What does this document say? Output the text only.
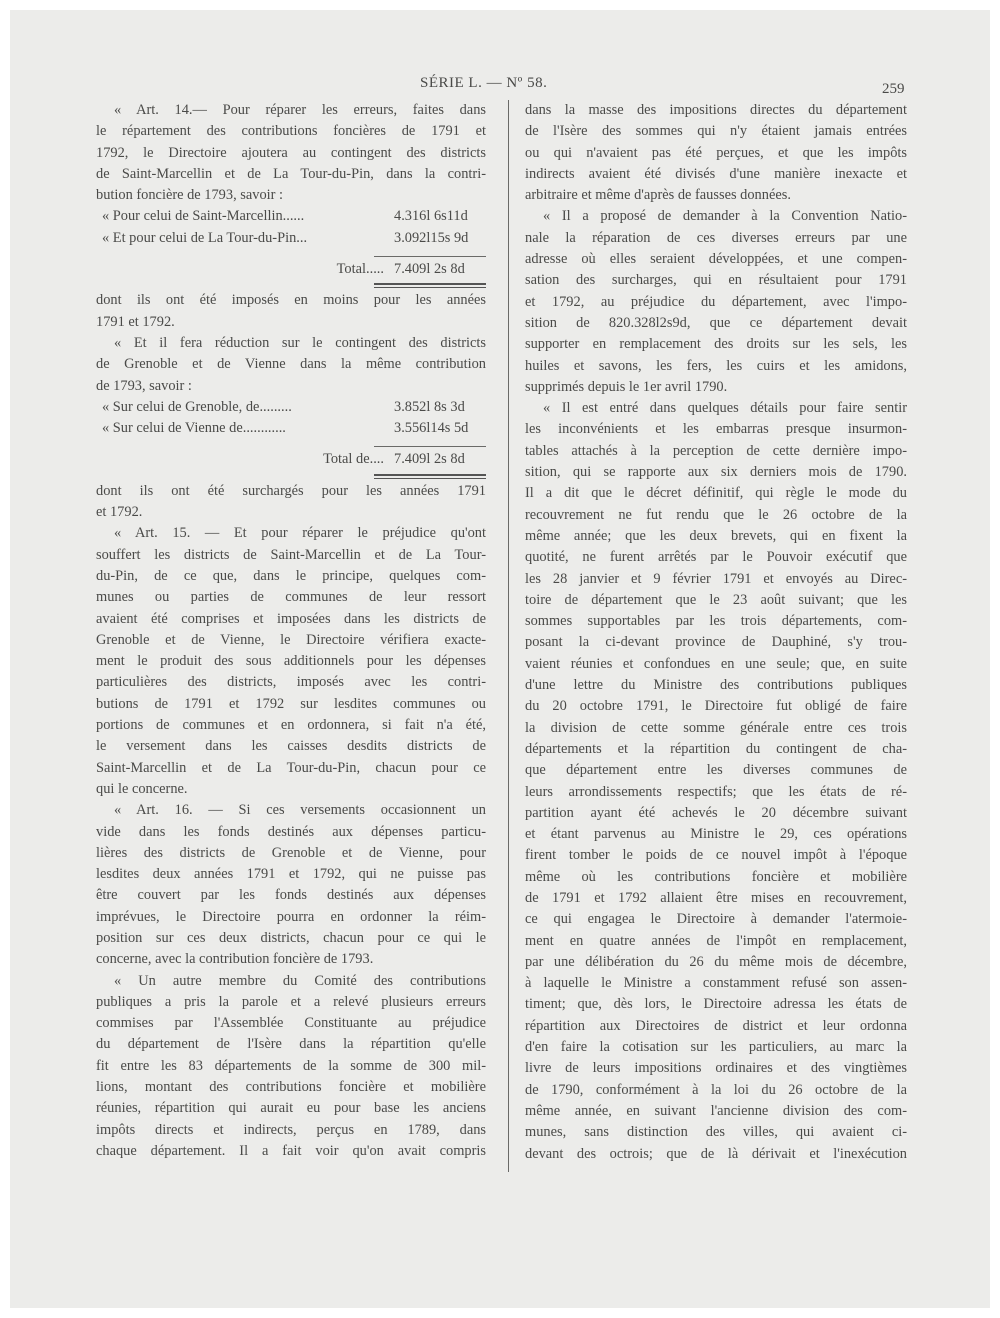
SÉRIE L. — Nº 58.	259
« Art. 14.— Pour réparer les erreurs, faites dans
le répartement des contributions foncières de 1791 et
1792, le Directoire ajoutera au contingent des districts
de Saint-Marcellin et de La Tour-du-Pin, dans la contri-
bution foncière de 1793, savoir :
« Pour celui de Saint-Marcellin......	4.316l 6s11d
« Et pour celui de La Tour-du-Pin...	3.092l15s 9d
Total..... 7.409l 2s 8d
dont ils ont été imposés en moins pour les années
1791 et 1792.
« Et il fera réduction sur le contingent des districts
de Grenoble et de Vienne dans la même contribution
de 1793, savoir :
« Sur celui de Grenoble, de.........	3.852l 8s 3d
« Sur celui de Vienne de............	3.556l14s 5d
Total de.... 7.409l 2s 8d
dont ils ont été surchargés pour les années 1791
et 1792.
« Art. 15. — Et pour réparer le préjudice qu'ont
souffert les districts de Saint-Marcellin et de La Tour-
du-Pin, de ce que, dans le principe, quelques com-
munes ou parties de communes de leur ressort
avaient été comprises et imposées dans les districts de
Grenoble et de Vienne, le Directoire vérifiera exacte-
ment le produit des sous additionnels pour les dépenses
particulières des districts, imposés avec les contri-
butions de 1791 et 1792 sur lesdites communes ou
portions de communes et en ordonnera, si fait n'a été,
le versement dans les caisses desdits districts de
Saint-Marcellin et de La Tour-du-Pin, chacun pour ce
qui le concerne.
« Art. 16. — Si ces versements occasionnent un
vide dans les fonds destinés aux dépenses particu-
lières des districts de Grenoble et de Vienne, pour
lesdites deux années 1791 et 1792, qui ne puisse pas
être couvert par les fonds destinés aux dépenses
imprévues, le Directoire pourra en ordonner la réim-
position sur ces deux districts, chacun pour ce qui le
concerne, avec la contribution foncière de 1793.
« Un autre membre du Comité des contributions
publiques a pris la parole et a relevé plusieurs erreurs
commises par l'Assemblée Constituante au préjudice
du département de l'Isère dans la répartition qu'elle
fit entre les 83 départements de la somme de 300 mil-
lions, montant des contributions foncière et mobilière
réunies, répartition qui aurait eu pour base les anciens
impôts directs et indirects, perçus en 1789, dans
chaque département. Il a fait voir qu'on avait compris
dans la masse des impositions directes du département
de l'Isère des sommes qui n'y étaient jamais entrées
ou qui n'avaient pas été perçues, et que les impôts
indirects avaient été divisés d'une manière inexacte et
arbitraire et même d'après de fausses données.
« Il a proposé de demander à la Convention Natio-
nale la réparation de ces diverses erreurs par une
adresse où elles seraient développées, et une compen-
sation des surcharges, qui en résultaient pour 1791
et 1792, au préjudice du département, avec l'impo-
sition de 820.328l2s9d, que ce département devait
supporter en remplacement des droits sur les sels, les
huiles et savons, les fers, les cuirs et les amidons,
supprimés depuis le 1er avril 1790.
« Il est entré dans quelques détails pour faire sentir
les inconvénients et les embarras presque insurmon-
tables attachés à la perception de cette dernière impo-
sition, qui se rapporte aux six derniers mois de 1790.
Il a dit que le décret définitif, qui règle le mode du
recouvrement ne fut rendu que le 26 octobre de la
même année; que les deux brevets, qui en fixent la
quotité, ne furent arrêtés par le Pouvoir exécutif que
les 28 janvier et 9 février 1791 et envoyés au Direc-
toire de département que le 23 août suivant; que les
sommes supportables par les trois départements, com-
posant la ci-devant province de Dauphiné, s'y trou-
vaient réunies et confondues en une seule; que, en suite
d'une lettre du Ministre des contributions publiques
du 20 octobre 1791, le Directoire fut obligé de faire
la division de cette somme générale entre ces trois
départements et la répartition du contingent de cha-
que département entre les diverses communes de
leurs arrondissements respectifs; que les états de ré-
partition ayant été achevés le 20 décembre suivant
et étant parvenus au Ministre le 29, ces opérations
firent tomber le poids de ce nouvel impôt à l'époque
même où les contributions foncière et mobilière
de 1791 et 1792 allaient être mises en recouvrement,
ce qui engagea le Directoire à demander l'atermoie-
ment en quatre années de l'impôt en remplacement,
par une délibération du 26 du même mois de décembre,
à laquelle le Ministre a constamment refusé son assen-
timent; que, dès lors, le Directoire adressa les états de
répartition aux Directoires de district et leur ordonna
d'en faire la cotisation sur les particuliers, au marc la
livre de leurs impositions ordinaires et des vingtièmes
de 1790, conformément à la loi du 26 octobre de la
même année, en suivant l'ancienne division des com-
munes, sans distinction des villes, qui avaient ci-
devant des octrois; que de là dérivait et l'inexécution
